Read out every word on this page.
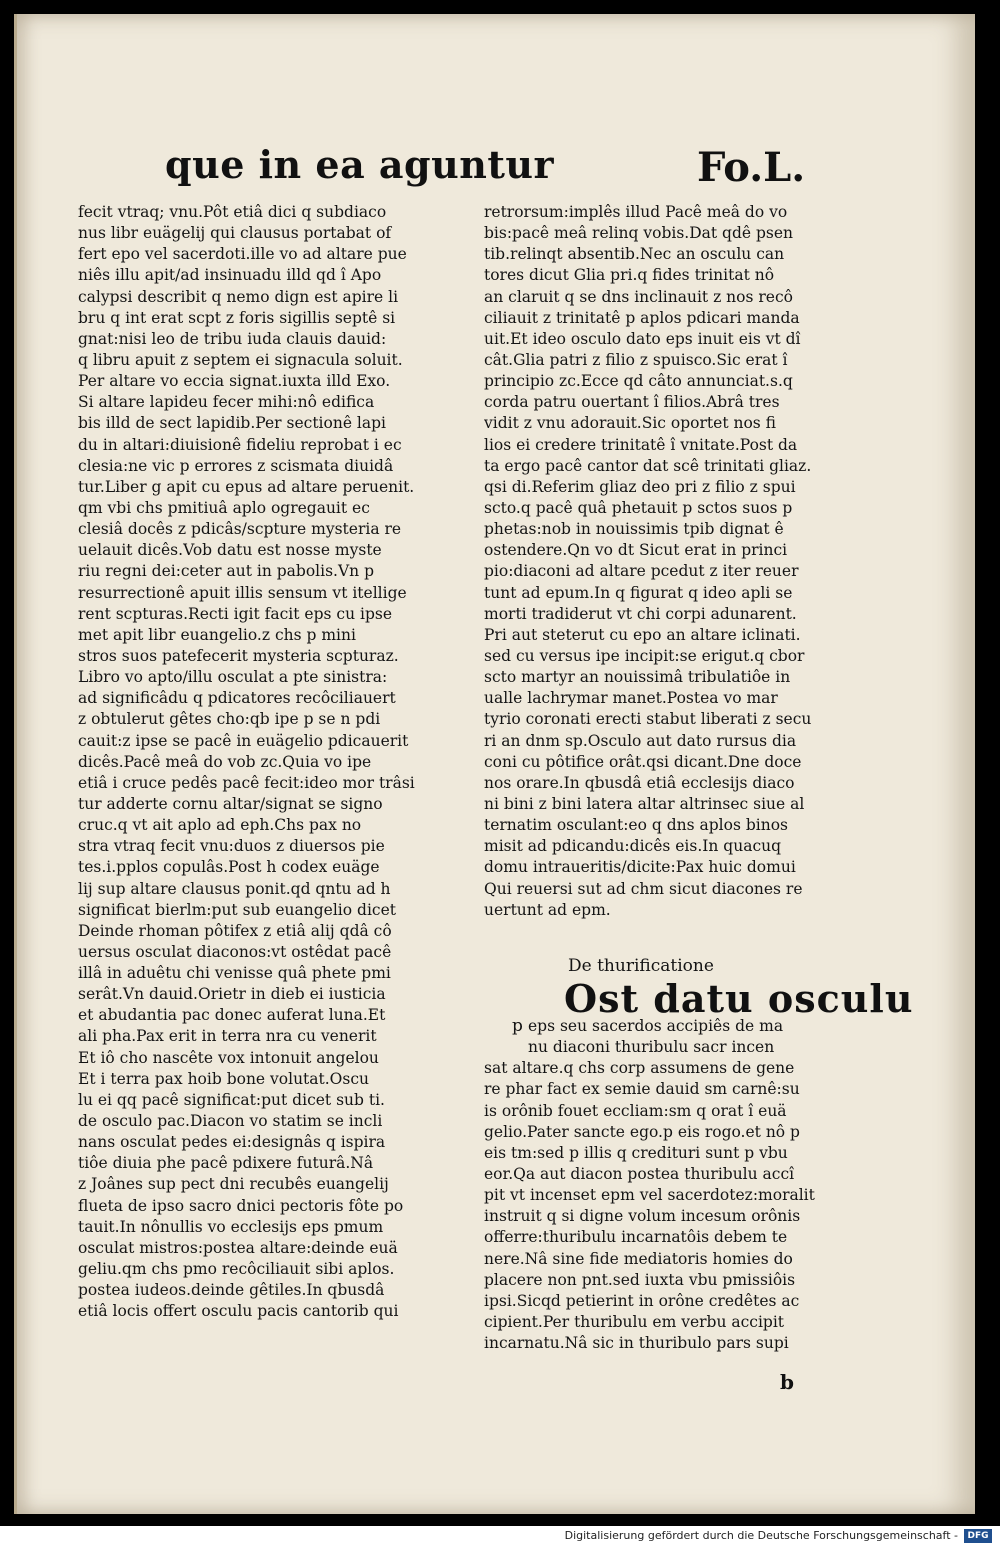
que in ea aguntur	Fo.L.
fecit vtraq; vnu.Pôt etiâ dici q subdiaco
nus libr euägelij qui clausus portabat of
fert epo vel sacerdoti.ille vo ad altare pue
niês illu apit/ad insinuadu illd qd î Apo
calypsi describit q nemo dign est apire li
bru q int erat scpt z foris sigillis septê si
gnat:nisi leo de tribu iuda clauis dauid:
q libru apuit z septem ei signacula soluit.
Per altare vo eccia signat.iuxta illd Exo.
Si altare lapideu fecer mihi:nô edifica
bis illd de sect lapidib.Per sectionê lapi
du in altari:diuisionê fideliu reprobat i ec
clesia:ne vic p errores z scismata diuidâ
tur.Liber g apit cu epus ad altare peruenit.
qm vbi chs pmitiuâ aplo ogregauit ec
clesiâ docês z pdicâs/scpture mysteria re
uelauit dicês.Vob datu est nosse myste
riu regni dei:ceter aut in pabolis.Vn p
resurrectionê apuit illis sensum vt itellige
rent scpturas.Recti igit facit eps cu ipse
met apit libr euangelio.z chs p mini
stros suos patefecerit mysteria scpturaz.
Libro vo apto/illu osculat a pte sinistra:
ad significâdu q pdicatores recôciliauert
z obtulerut gêtes cho:qb ipe p se n pdi
cauit:z ipse se pacê in euägelio pdicauerit
dicês.Pacê meâ do vob zc.Quia vo ipe
etiâ i cruce pedês pacê fecit:ideo mor trâsi
tur adderte cornu altar/signat se signo
cruc.q vt ait aplo ad eph.Chs pax no
stra vtraq fecit vnu:duos z diuersos pie
tes.i.pplos copulâs.Post h codex euäge
lij sup altare clausus ponit.qd qntu ad h
significat bierlm:put sub euangelio dicet
Deinde rhoman pôtifex z etiâ alij qdâ cô
uersus osculat diaconos:vt ostêdat pacê
illâ in aduêtu chi venisse quâ phete pmi
serât.Vn dauid.Orietr in dieb ei iusticia
et abudantia pac donec auferat luna.Et
ali pha.Pax erit in terra nra cu venerit
Et iô cho nascête vox intonuit angelou
Et i terra pax hoib bone volutat.Oscu
lu ei qq pacê significat:put dicet sub ti.
de osculo pac.Diacon vo statim se incli
nans osculat pedes ei:designâs q ispira
tiôe diuia phe pacê pdixere futurâ.Nâ
z Joânes sup pect dni recubês euangelij
flueta de ipso sacro dnici pectoris fôte po
tauit.In nônullis vo ecclesijs eps pmum
osculat mistros:postea altare:deinde euä
geliu.qm chs pmo recôciliauit sibi aplos.
postea iudeos.deinde gêtiles.In qbusdâ
etiâ locis offert osculu pacis cantorib qui
retrorsum:implês illud Pacê meâ do vo
bis:pacê meâ relinq vobis.Dat qdê psen
tib.relinqt absentib.Nec an osculu can
tores dicut Glia pri.q fides trinitat nô
an claruit q se dns inclinauit z nos recô
ciliauit z trinitatê p aplos pdicari manda
uit.Et ideo osculo dato eps inuit eis vt dî
cât.Glia patri z filio z spuisco.Sic erat î
principio zc.Ecce qd câto annunciat.s.q
corda patru ouertant î filios.Abrâ tres
vidit z vnu adorauit.Sic oportet nos fi
lios ei credere trinitatê î vnitate.Post da
ta ergo pacê cantor dat scê trinitati gliaz.
qsi di.Referim gliaz deo pri z filio z spui
scto.q pacê quâ phetauit p sctos suos p
phetas:nob in nouissimis tpib dignat ê
ostendere.Qn vo dt Sicut erat in princi
pio:diaconi ad altare pcedut z iter reuer
tunt ad epum.In q figurat q ideo apli se
morti tradiderut vt chi corpi adunarent.
Pri aut steterut cu epo an altare iclinati.
sed cu versus ipe incipit:se erigut.q cbor
scto martyr an nouissimâ tribulatiôe in
ualle lachrymar manet.Postea vo mar
tyrio coronati erecti stabut liberati z secu
ri an dnm sp.Osculo aut dato rursus dia
coni cu pôtifice orât.qsi dicant.Dne doce
nos orare.In qbusdâ etiâ ecclesijs diaco
ni bini z bini latera altar altrinsec siue al
ternatim osculant:eo q dns aplos binos
misit ad pdicandu:dicês eis.In quacuq
domu intraueritis/dicite:Pax huic domui
Qui reuersi sut ad chm sicut diacones re
uertunt ad epm.
De thurificatione
Ost datu osculu
p eps seu sacerdos accipiês de ma
nu diaconi thuribulu sacr incen
sat altare.q chs corp assumens de gene
re phar fact ex semie dauid sm carnê:su
is orônib fouet eccliam:sm q orat î euä
gelio.Pater sancte ego.p eis rogo.et nô p
eis tm:sed p illis q credituri sunt p vbu
eor.Qa aut diacon postea thuribulu accî
pit vt incenset epm vel sacerdotez:moralit
instruit q si digne volum incesum orônis
offerre:thuribulu incarnatôis debem te
nere.Nâ sine fide mediatoris homies do
placere non pnt.sed iuxta vbu pmissiôis
ipsi.Sicqd petierint in orône credêtes ac
cipient.Per thuribulu em verbu accipit
incarnatu.Nâ sic in thuribulo pars supi
b
Digitalisierung gefördert durch die Deutsche Forschungsgemeinschaft -	DFG
